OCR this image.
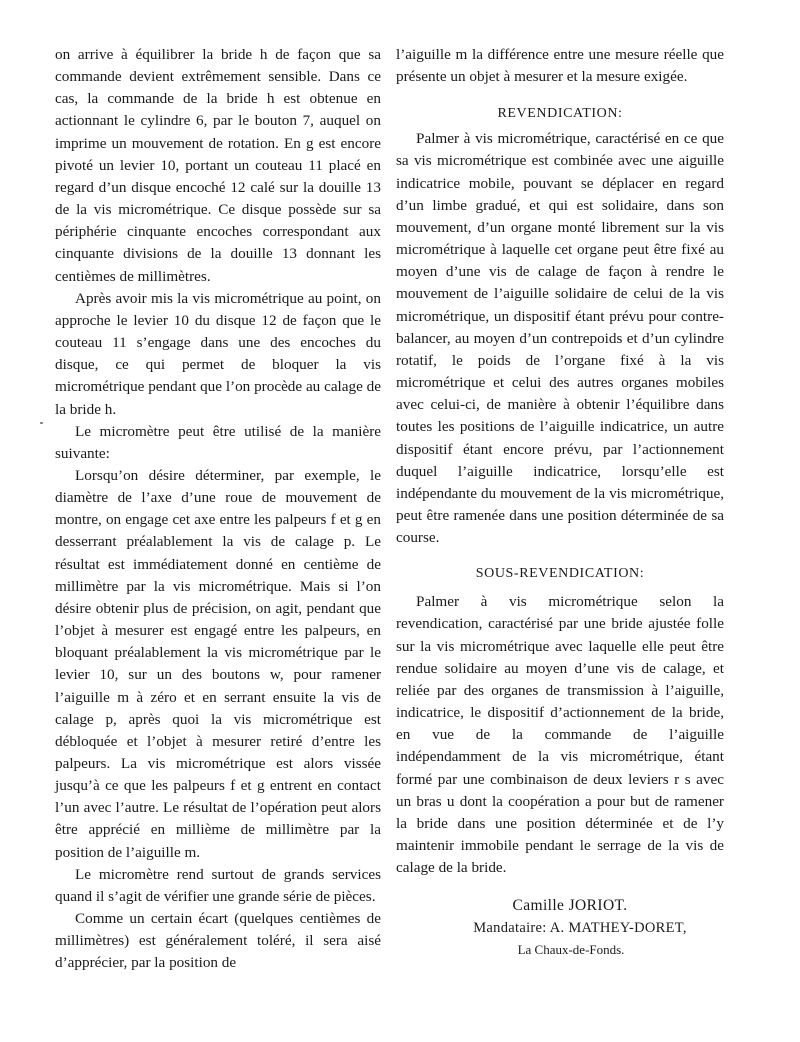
on arrive à équilibrer la bride h de façon que sa commande devient extrêmement sensible. Dans ce cas, la commande de la bride h est obtenue en actionnant le cylindre 6, par le bouton 7, auquel on imprime un mouvement de rotation. En g est encore pivoté un levier 10, portant un couteau 11 placé en regard d’un disque encoché 12 calé sur la douille 13 de la vis micrométrique. Ce disque possède sur sa périphérie cinquante encoches correspondant aux cinquante divisions de la douille 13 donnant les centièmes de millimètres.

Après avoir mis la vis micrométrique au point, on approche le levier 10 du disque 12 de façon que le couteau 11 s’engage dans une des encoches du disque, ce qui permet de bloquer la vis micrométrique pendant que l’on procède au calage de la bride h.

Le micromètre peut être utilisé de la manière suivante:

Lorsqu’on désire déterminer, par exemple, le diamètre de l’axe d’une roue de mouvement de montre, on engage cet axe entre les palpeurs f et g en desserrant préalablement la vis de calage p. Le résultat est immédiatement donné en centième de millimètre par la vis micrométrique. Mais si l’on désire obtenir plus de précision, on agit, pendant que l’objet à mesurer est engagé entre les palpeurs, en bloquant préalablement la vis micrométrique par le levier 10, sur un des boutons w, pour ramener l’aiguille m à zéro et en serrant ensuite la vis de calage p, après quoi la vis micrométrique est débloquée et l’objet à mesurer retiré d’entre les palpeurs. La vis micrométrique est alors vissée jusqu’à ce que les palpeurs f et g entrent en contact l’un avec l’autre. Le résultat de l’opération peut alors être apprécié en millième de millimètre par la position de l’aiguille m.

Le micromètre rend surtout de grands services quand il s’agit de vérifier une grande série de pièces.

Comme un certain écart (quelques centièmes de millimètres) est généralement toléré, il sera aisé d’apprécier, par la position de

l’aiguille m la différence entre une mesure réelle que présente un objet à mesurer et la mesure exigée.

REVENDICATION:

Palmer à vis micrométrique, caractérisé en ce que sa vis micrométrique est combinée avec une aiguille indicatrice mobile, pouvant se déplacer en regard d’un limbe gradué, et qui est solidaire, dans son mouvement, d’un organe monté librement sur la vis micrométrique à laquelle cet organe peut être fixé au moyen d’une vis de calage de façon à rendre le mouvement de l’aiguille solidaire de celui de la vis micrométrique, un dispositif étant prévu pour contre-balancer, au moyen d’un contrepoids et d’un cylindre rotatif, le poids de l’organe fixé à la vis micrométrique et celui des autres organes mobiles avec celui-ci, de manière à obtenir l’équilibre dans toutes les positions de l’aiguille indicatrice, un autre dispositif étant encore prévu, par l’actionnement duquel l’aiguille indicatrice, lorsqu’elle est indépendante du mouvement de la vis micrométrique, peut être ramenée dans une position déterminée de sa course.

SOUS-REVENDICATION:

Palmer à vis micrométrique selon la revendication, caractérisé par une bride ajustée folle sur la vis micrométrique avec laquelle elle peut être rendue solidaire au moyen d’une vis de calage, et reliée par des organes de transmission à l’aiguille, indicatrice, le dispositif d’actionnement de la bride, en vue de la commande de l’aiguille indépendamment de la vis micrométrique, étant formé par une combinaison de deux leviers r s avec un bras u dont la coopération a pour but de ramener la bride dans une position déterminée et de l’y maintenir immobile pendant le serrage de la vis de calage de la bride.

Camille JORIOT.
Mandataire: A. MATHEY-DORET,
La Chaux-de-Fonds.
